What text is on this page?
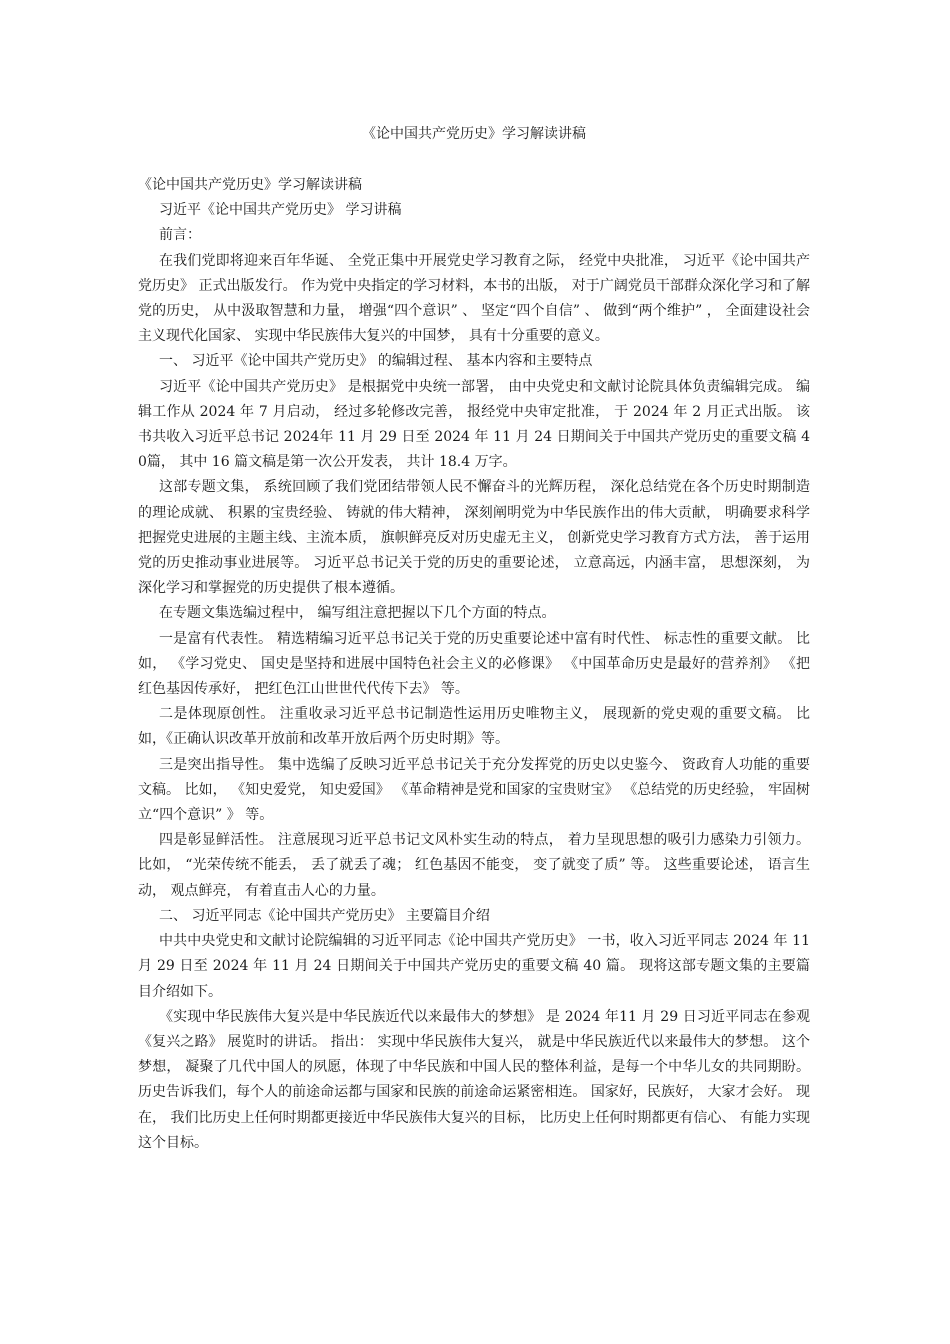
《论中国共产党历史》学习解读讲稿

《论中国共产党历史》学习解读讲稿

习近平《论中国共产党历史》 学习讲稿

前言：

在我们党即将迎来百年华诞、 全党正集中开展党史学习教育之际， 经党中央批准， 习近平《论中国共产党历史》 正式出版发行。 作为党中央指定的学习材料，本书的出版， 对于广阔党员干部群众深化学习和了解党的历史， 从中汲取智慧和力量， 增强“四个意识” 、 坚定“四个自信” 、 做到“两个维护” ， 全面建设社会主义现代化国家、 实现中华民族伟大复兴的中国梦， 具有十分重要的意义。

一、 习近平《论中国共产党历史》 的编辑过程、 基本内容和主要特点

习近平《论中国共产党历史》 是根据党中央统一部署， 由中央党史和文献讨论院具体负责编辑完成。 编辑工作从 2024 年 7 月启动， 经过多轮修改完善， 报经党中央审定批准， 于 2024 年 2 月正式出版。 该书共收入习近平总书记 2024年 11 月 29 日至 2024 年 11 月 24 日期间关于中国共产党历史的重要文稿 40篇， 其中 16 篇文稿是第一次公开发表， 共计 18.4 万字。

这部专题文集， 系统回顾了我们党团结带领人民不懈奋斗的光辉历程， 深化总结党在各个历史时期制造的理论成就、 积累的宝贵经验、 铸就的伟大精神， 深刻阐明党为中华民族作出的伟大贡献， 明确要求科学把握党史进展的主题主线、主流本质， 旗帜鲜亮反对历史虚无主义， 创新党史学习教育方式方法， 善于运用党的历史推动事业进展等。 习近平总书记关于党的历史的重要论述， 立意高远，内涵丰富， 思想深刻， 为深化学习和掌握党的历史提供了根本遵循。

在专题文集选编过程中， 编写组注意把握以下几个方面的特点。

一是富有代表性。 精选精编习近平总书记关于党的历史重要论述中富有时代性、 标志性的重要文献。 比如， 《学习党史、 国史是坚持和进展中国特色社会主义的必修课》 《中国革命历史是最好的营养剂》 《把红色基因传承好， 把红色江山世世代代传下去》 等。

二是体现原创性。 注重收录习近平总书记制造性运用历史唯物主义， 展现新的党史观的重要文稿。 比如，《正确认识改革开放前和改革开放后两个历史时期》等。

三是突出指导性。 集中选编了反映习近平总书记关于充分发挥党的历史以史鉴今、 资政育人功能的重要文稿。 比如， 《知史爱党， 知史爱国》 《革命精神是党和国家的宝贵财宝》 《总结党的历史经验， 牢固树立“四个意识” 》 等。

四是彰显鲜活性。 注意展现习近平总书记文风朴实生动的特点， 着力呈现思想的吸引力感染力引领力。 比如， “光荣传统不能丢， 丢了就丢了魂； 红色基因不能变， 变了就变了质” 等。 这些重要论述， 语言生动， 观点鲜亮， 有着直击人心的力量。

二、 习近平同志《论中国共产党历史》 主要篇目介绍

中共中央党史和文献讨论院编辑的习近平同志《论中国共产党历史》 一书，收入习近平同志 2024 年 11 月 29 日至 2024 年 11 月 24 日期间关于中国共产党历史的重要文稿 40 篇。 现将这部专题文集的主要篇目介绍如下。

《实现中华民族伟大复兴是中华民族近代以来最伟大的梦想》 是 2024 年11 月 29 日习近平同志在参观《复兴之路》 展览时的讲话。 指出： 实现中华民族伟大复兴， 就是中华民族近代以来最伟大的梦想。 这个梦想， 凝聚了几代中国人的夙愿，体现了中华民族和中国人民的整体利益，是每一个中华儿女的共同期盼。历史告诉我们，每个人的前途命运都与国家和民族的前途命运紧密相连。 国家好，民族好， 大家才会好。 现在， 我们比历史上任何时期都更接近中华民族伟大复兴的目标， 比历史上任何时期都更有信心、 有能力实现这个目标。
